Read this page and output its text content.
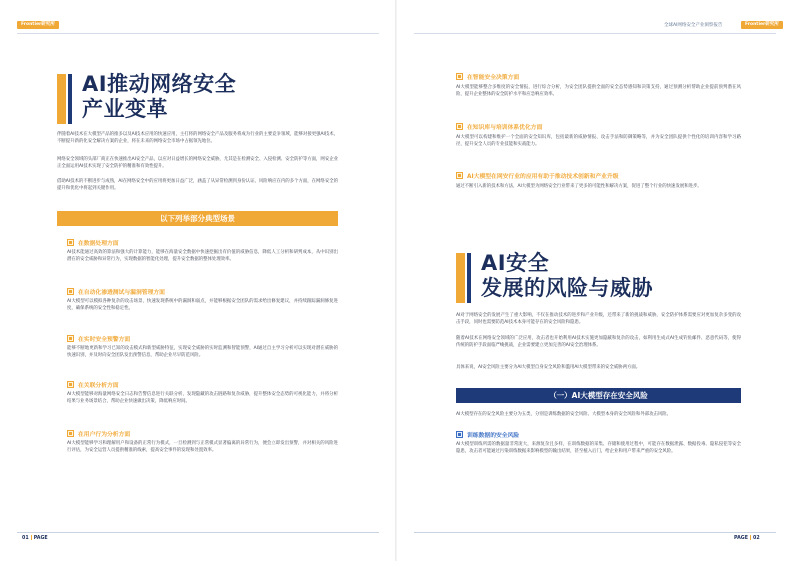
Frontier研究所
AI推动网络安全
产业变革
伴随着AI技术在大模型产品的推多以及AI技术应用的快速应用，主打将的网络安全产品及服务将成为行业的主要竞争领域，能够对接更强AI技术，不断提升新的化安全解决方案的企业，将在未来的网络安全市场中占据领先地位。
网络安全领域的头部厂商正在快速推出AI安全产品，以应对日益增长的网络安全威胁，尤其是在检测安全、入侵检测、安全防护等方面，网安企业正全面运用AI技术实现了安全防护的精准和有效性提升。
借助AI技术的不断进步与成熟，AI在网络安全中的应用将更加日益广泛，涵盖了从异常检测到身份认证、风险响应在内的多个方面，在网络安全的提升和优化中将起到关键作用。
以下列举部分典型场景
在数据处理方面
AI技术能通过高效的算法和强大的计算能力，能够在海量安全数据中快速挖掘出有价值的威胁信息，降低人工分析和研判成本，从中识别出潜在的安全威胁和异常行为，实现数据的智能化处理，提升安全数据的整体处理效率。
在自动化渗透测试与漏洞管理方面
AI大模型可以模拟各种复杂的攻击场景，快速发现系统中的漏洞和弱点，并能够根据安全团队的需求给出修复建议，并持续跟踪漏洞修复进度，确保系统的安全性和稳定性。
在实时安全预警方面
能够不断地更新和学习已知的攻击模式和新型威胁特征，实现安全威胁的实时监测和智能预警，AI通过自主学习分析可以实现对潜在威胁的快速识别，并及时向安全团队发出预警信息，帮助企业尽早防范风险。
在关联分析方面
AI大模型能够对海量网络安全日志和告警信息进行关联分析，发现隐藏的攻击链路和复杂威胁，提升整体安全态势的可视化能力，并将分析结果与业务场景结合，帮助企业快速做出决策，降低响应时间。
在用户行为分析方面
AI大模型能够学习和理解用户和设备的正常行为模式，一旦检测到与正常模式显著偏离的异常行为，便会立即发出预警，并对相关的风险进行评估，为安全运营人员提供精准的线索，提高安全事件的发现和处置效率。
01 PAGE
全球AI网络安全产业洞察报告	Frontier研究所
在智能安全决策方面
AI大模型能够整合多维度的安全情报，进行综合分析，为安全团队提供全面的安全态势感知和决策支持，通过预测分析帮助企业提前预判潜在风险，提升企业整体的安全防护水平和应急响应效率。
在知识库与培训体系优化方面
AI大模型可以构建和维护一个全面的安全知识库，包括最新的威胁情报、攻击手法和防御策略等，并为安全团队提供个性化的培训内容和学习路径，提升安全人员的专业技能和实战能力。
AI大模型在网安行业的应用有助于推动技术创新和产业升级
通过不断引入新的技术和方法，AI大模型为网络安全行业带来了更多的可能性和解决方案，促进了整个行业的快速发展和进步。
AI安全
发展的风险与威胁
AI对于网络安全的发展产生了重大影响，不仅在推动技术的进步和产业升级，还带来了新的挑战和威胁，安全防护体系需要应对更加复杂多变的攻击手段，同时也需要防范AI技术本身可能存在的安全风险和隐患。
随着AI技术在网络安全领域的广泛应用，攻击者也开始利用AI技术实施更加隐蔽和复杂的攻击，如利用生成式AI生成钓鱼邮件、恶意代码等，使得传统的防护手段面临严峻挑战，企业需要建立更加完善的AI安全治理体系。
具体来说，AI安全风险主要分为AI大模型自身安全风险和滥用AI大模型带来的安全威胁两方面。
（一）AI大模型存在安全风险
AI大模型存在的安全风险主要分为五类，分别是训练数据的安全风险、大模型本身的安全风险和外部攻击风险。
训练数据的安全风险
AI大模型训练所需的数据量非常庞大，来源复杂且多样，在训练数据的采集、存储和使用过程中，可能存在数据泄露、数据投毒、隐私侵犯等安全隐患，攻击者可能通过污染训练数据来影响模型的输出结果，甚至植入后门，给企业和用户带来严重的安全风险。
PAGE 02
